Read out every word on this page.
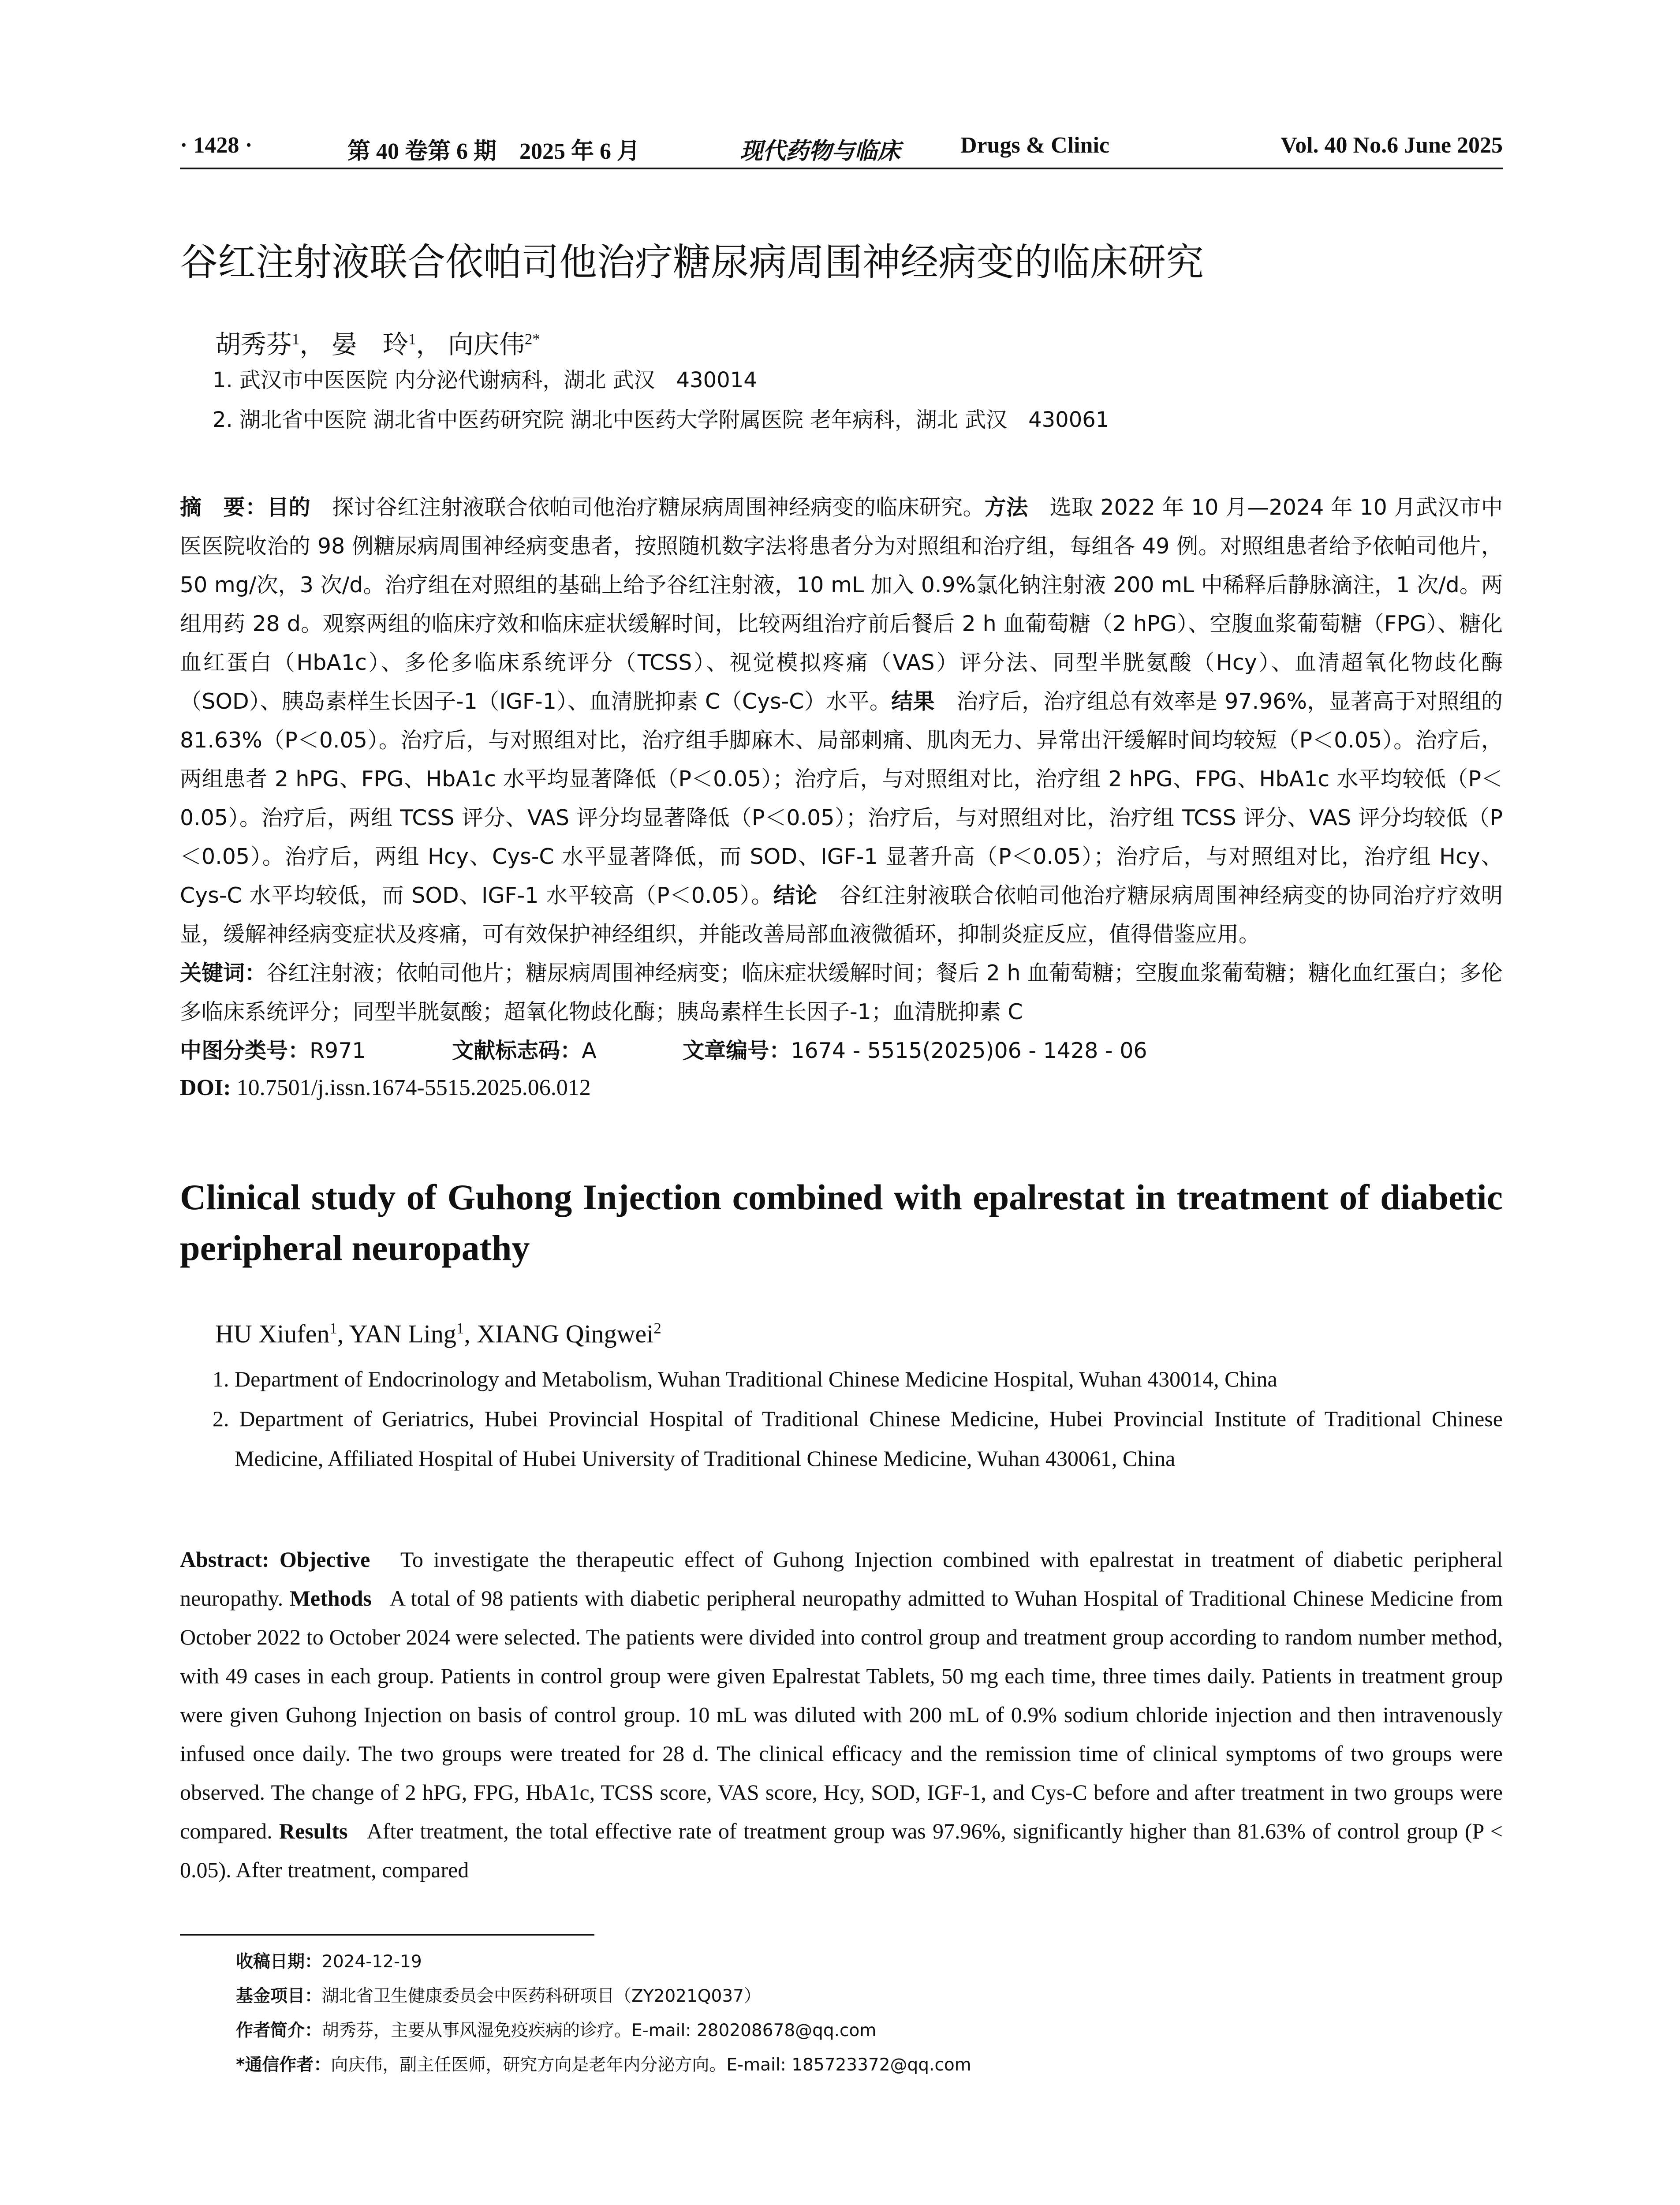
· 1428 ·	第 40 卷第 6 期　2025 年 6 月	现代药物与临床	Drugs & Clinic	Vol. 40 No.6 June 2025
谷红注射液联合依帕司他治疗糖尿病周围神经病变的临床研究
胡秀芬$^1$， 晏　玲$^1$， 向庆伟$^{2*}$
1. 武汉市中医医院 内分泌代谢病科，湖北 武汉　430014
2. 湖北省中医院 湖北省中医药研究院 湖北中医药大学附属医院 老年病科，湖北 武汉　430061
摘　要：目的　探讨谷红注射液联合依帕司他治疗糖尿病周围神经病变的临床研究。方法　选取 2022 年 10 月—2024 年 10 月武汉市中医医院收治的 98 例糖尿病周围神经病变患者，按照随机数字法将患者分为对照组和治疗组，每组各 49 例。对照组患者给予依帕司他片，50 mg/次，3 次/d。治疗组在对照组的基础上给予谷红注射液，10 mL 加入 0.9%氯化钠注射液 200 mL 中稀释后静脉滴注，1 次/d。两组用药 28 d。观察两组的临床疗效和临床症状缓解时间，比较两组治疗前后餐后 2 h 血葡萄糖（2 hPG）、空腹血浆葡萄糖（FPG）、糖化血红蛋白（HbA1c）、多伦多临床系统评分（TCSS）、视觉模拟疼痛（VAS）评分法、同型半胱氨酸（Hcy）、血清超氧化物歧化酶（SOD）、胰岛素样生长因子-1（IGF-1）、血清胱抑素 C（Cys-C）水平。结果　治疗后，治疗组总有效率是 97.96%，显著高于对照组的 81.63%（P＜0.05）。治疗后，与对照组对比，治疗组手脚麻木、局部刺痛、肌肉无力、异常出汗缓解时间均较短（P＜0.05）。治疗后，两组患者 2 hPG、FPG、HbA1c 水平均显著降低（P＜0.05）；治疗后，与对照组对比，治疗组 2 hPG、FPG、HbA1c 水平均较低（P＜0.05）。治疗后，两组 TCSS 评分、VAS 评分均显著降低（P＜0.05）；治疗后，与对照组对比，治疗组 TCSS 评分、VAS 评分均较低（P＜0.05）。治疗后，两组 Hcy、Cys-C 水平显著降低，而 SOD、IGF-1 显著升高（P＜0.05）；治疗后，与对照组对比，治疗组 Hcy、Cys-C 水平均较低，而 SOD、IGF-1 水平较高（P＜0.05）。结论　谷红注射液联合依帕司他治疗糖尿病周围神经病变的协同治疗疗效明显，缓解神经病变症状及疼痛，可有效保护神经组织，并能改善局部血液微循环，抑制炎症反应，值得借鉴应用。
关键词：谷红注射液；依帕司他片；糖尿病周围神经病变；临床症状缓解时间；餐后 2 h 血葡萄糖；空腹血浆葡萄糖；糖化血红蛋白；多伦多临床系统评分；同型半胱氨酸；超氧化物歧化酶；胰岛素样生长因子-1；血清胱抑素 C
中图分类号：R971	文献标志码：A	文章编号：1674 - 5515(2025)06 - 1428 - 06
DOI: 10.7501/j.issn.1674-5515.2025.06.012
Clinical study of Guhong Injection combined with epalrestat in treatment of diabetic peripheral neuropathy
HU Xiufen$^1$, YAN Ling$^1$, XIANG Qingwei$^2$
1. Department of Endocrinology and Metabolism, Wuhan Traditional Chinese Medicine Hospital, Wuhan 430014, China
2. Department of Geriatrics, Hubei Provincial Hospital of Traditional Chinese Medicine, Hubei Provincial Institute of Traditional Chinese Medicine, Affiliated Hospital of Hubei University of Traditional Chinese Medicine, Wuhan 430061, China
Abstract: Objective To investigate the therapeutic effect of Guhong Injection combined with epalrestat in treatment of diabetic peripheral neuropathy. Methods A total of 98 patients with diabetic peripheral neuropathy admitted to Wuhan Hospital of Traditional Chinese Medicine from October 2022 to October 2024 were selected. The patients were divided into control group and treatment group according to random number method, with 49 cases in each group. Patients in control group were given Epalrestat Tablets, 50 mg each time, three times daily. Patients in treatment group were given Guhong Injection on basis of control group. 10 mL was diluted with 200 mL of 0.9% sodium chloride injection and then intravenously infused once daily. The two groups were treated for 28 d. The clinical efficacy and the remission time of clinical symptoms of two groups were observed. The change of 2 hPG, FPG, HbA1c, TCSS score, VAS score, Hcy, SOD, IGF-1, and Cys-C before and after treatment in two groups were compared. Results After treatment, the total effective rate of treatment group was 97.96%, significantly higher than 81.63% of control group (P < 0.05). After treatment, compared
收稿日期：2024-12-19
基金项目：湖北省卫生健康委员会中医药科研项目（ZY2021Q037）
作者简介：胡秀芬，主要从事风湿免疫疾病的诊疗。E-mail: 280208678@qq.com
*通信作者：向庆伟，副主任医师，研究方向是老年内分泌方向。E-mail: 185723372@qq.com
